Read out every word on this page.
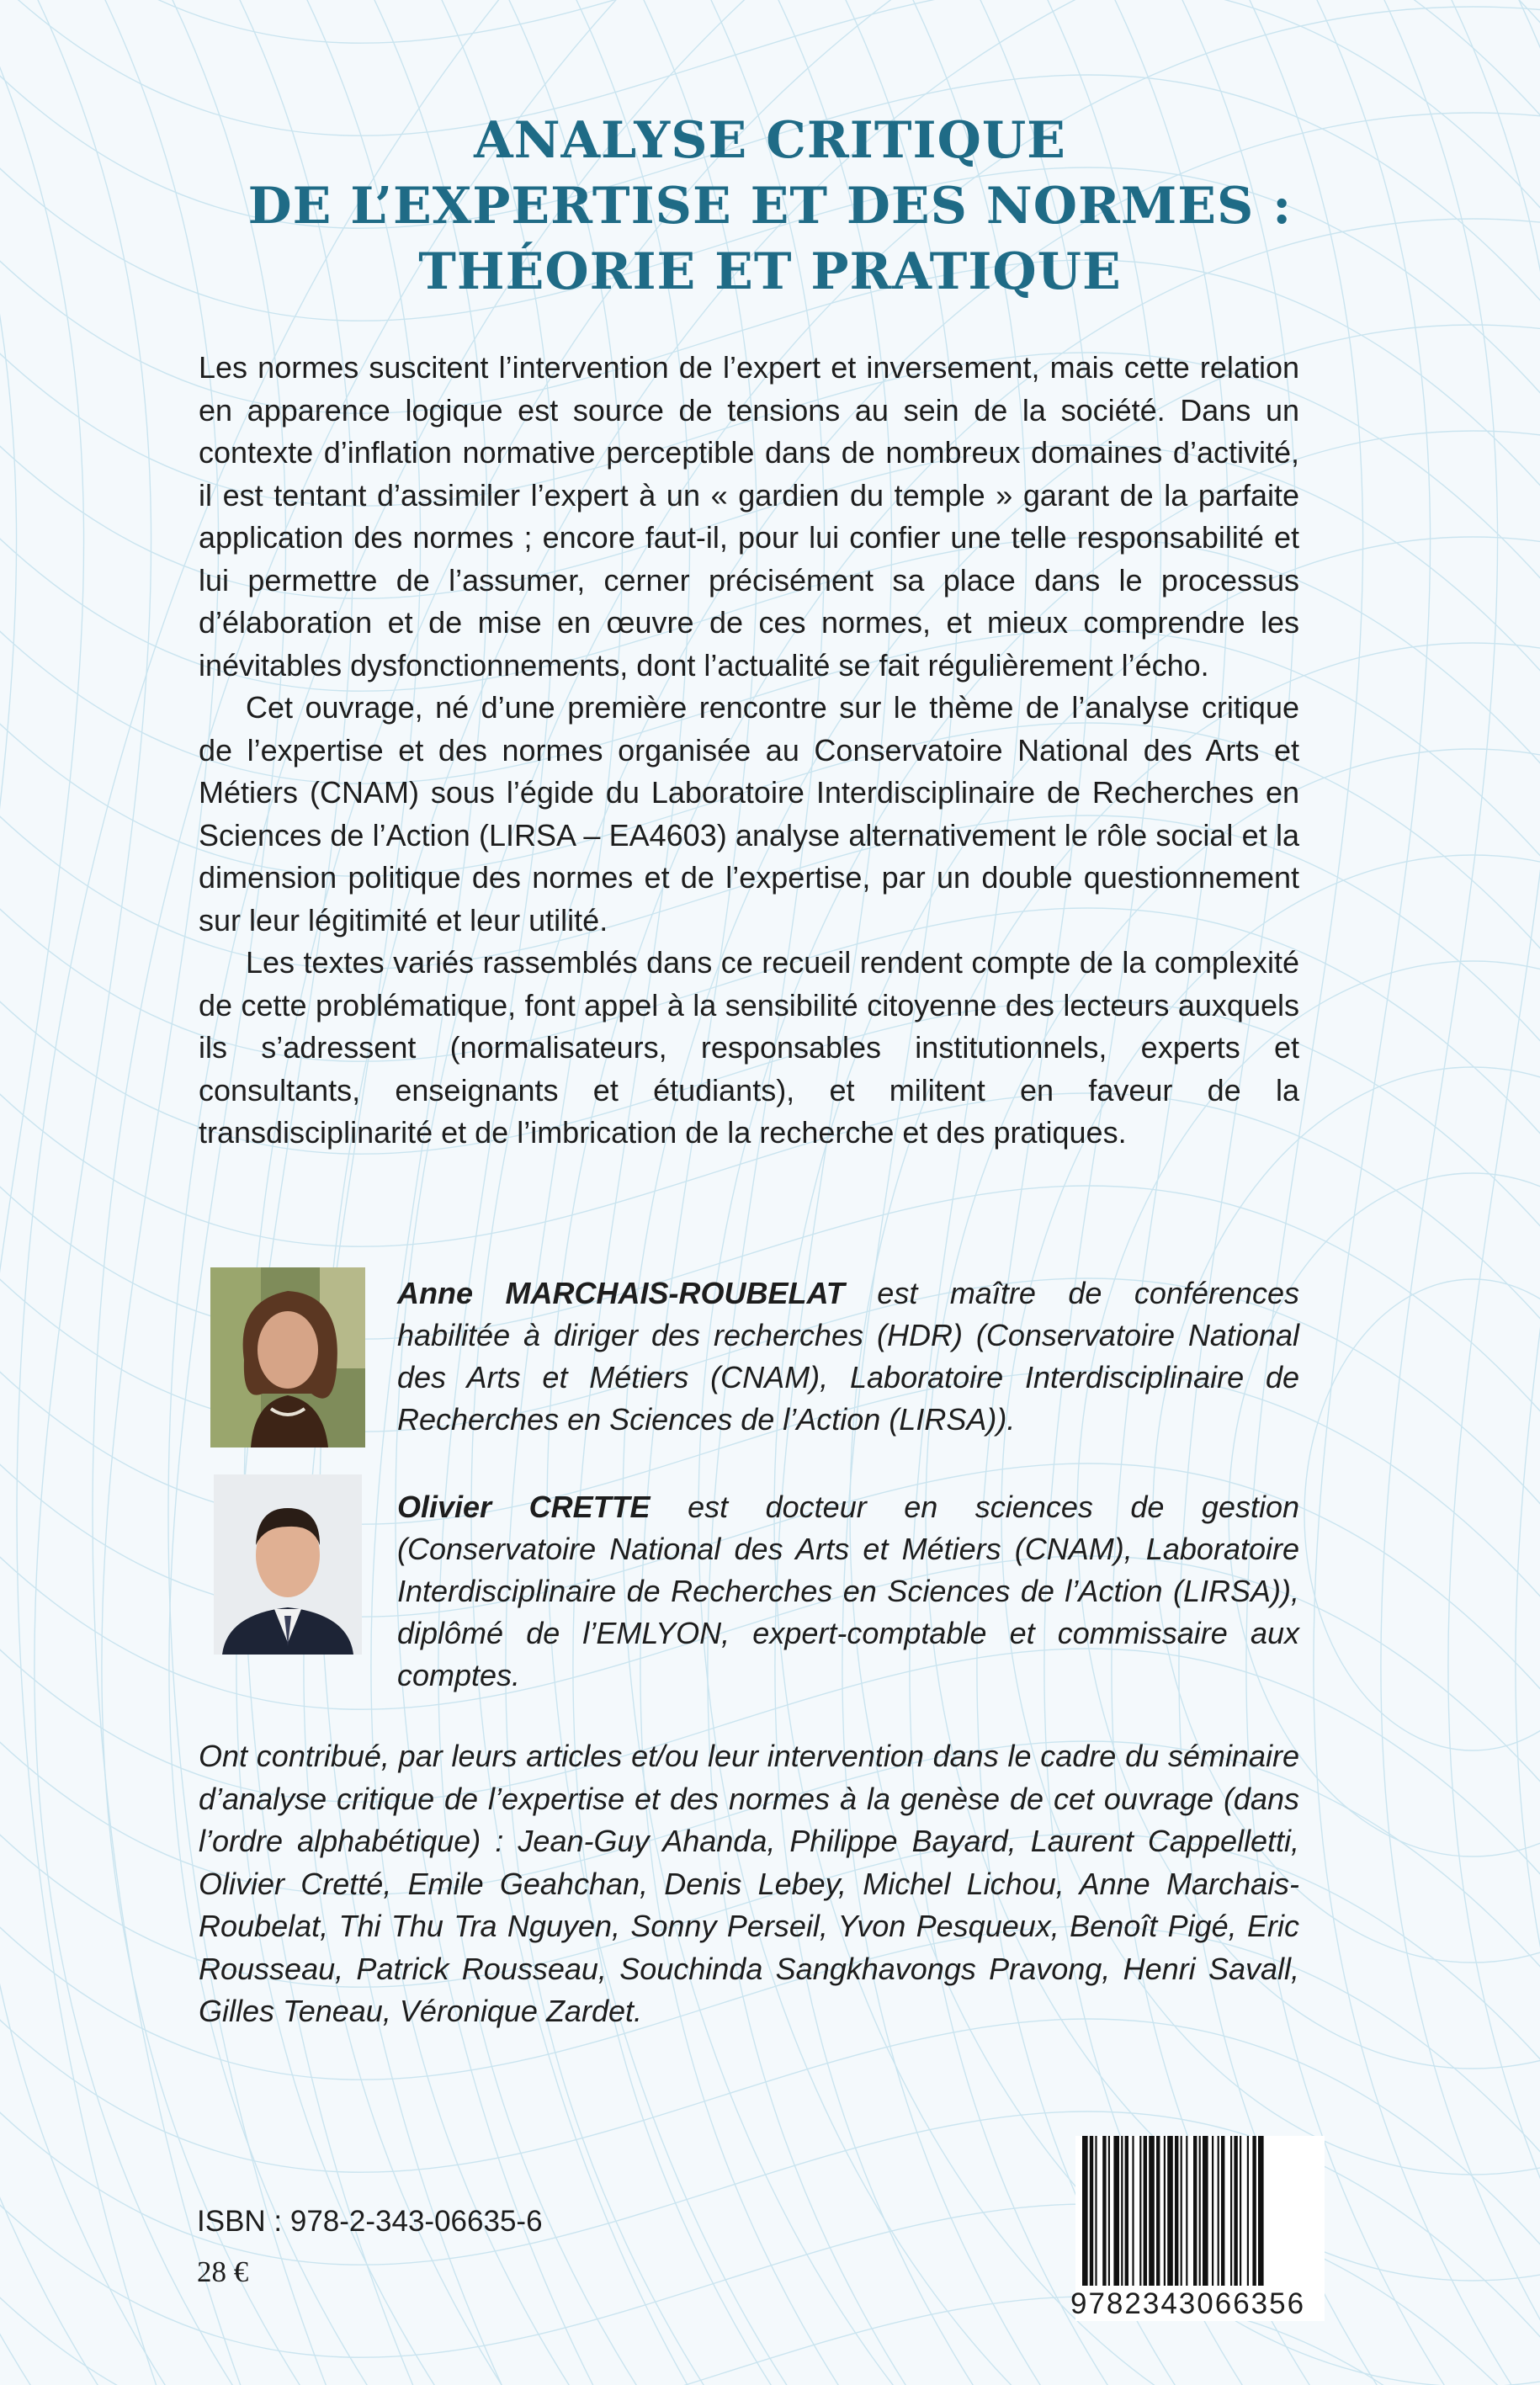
ANALYSE CRITIQUE
DE L’EXPERTISE ET DES NORMES :
THÉORIE ET PRATIQUE

Les normes suscitent l’intervention de l’expert et inversement, mais cette relation en apparence logique est source de tensions au sein de la société. Dans un contexte d’inflation normative perceptible dans de nombreux domaines d’activité, il est tentant d’assimiler l’expert à un « gardien du temple » garant de la parfaite application des normes ; encore faut-il, pour lui confier une telle responsabilité et lui permettre de l’assumer, cerner précisément sa place dans le processus d’élaboration et de mise en œuvre de ces normes, et mieux comprendre les inévitables dysfonctionnements, dont l’actualité se fait régulièrement l’écho.

Cet ouvrage, né d’une première rencontre sur le thème de l’analyse critique de l’expertise et des normes organisée au Conservatoire National des Arts et Métiers (CNAM) sous l’égide du Laboratoire Interdisciplinaire de Recherches en Sciences de l’Action (LIRSA – EA4603) analyse alternativement le rôle social et la dimension politique des normes et de l’expertise, par un double questionnement sur leur légitimité et leur utilité.

Les textes variés rassemblés dans ce recueil rendent compte de la complexité de cette problématique, font appel à la sensibilité citoyenne des lecteurs auxquels ils s’adressent (normalisateurs, responsables institutionnels, experts et consultants, enseignants et étudiants), et militent en faveur de la transdisciplinarité et de l’imbrication de la recherche et des pratiques.

Anne MARCHAIS-ROUBELAT est maître de conférences habilitée à diriger des recherches (HDR) (Conservatoire National des Arts et Métiers (CNAM), Laboratoire Interdisciplinaire de Recherches en Sciences de l’Action (LIRSA)).
Olivier CRETTE est docteur en sciences de gestion (Conservatoire National des Arts et Métiers (CNAM), Laboratoire Interdisciplinaire de Recherches en Sciences de l’Action (LIRSA)), diplômé de l’EMLYON, expert-comptable et commissaire aux comptes.
Ont contribué, par leurs articles et/ou leur intervention dans le cadre du séminaire d’analyse critique de l’expertise et des normes à la genèse de cet ouvrage (dans l’ordre alphabétique) : Jean-Guy Ahanda, Philippe Bayard, Laurent Cappelletti, Olivier Cretté, Emile Geahchan, Denis Lebey, Michel Lichou, Anne Marchais-Roubelat, Thi Thu Tra Nguyen, Sonny Perseil, Yvon Pesqueux, Benoît Pigé, Eric Rousseau, Patrick Rousseau, Souchinda Sangkhavongs Pravong, Henri Savall, Gilles Teneau, Véronique Zardet.
ISBN : 978-2-343-06635-6
28 €
9782343066356
